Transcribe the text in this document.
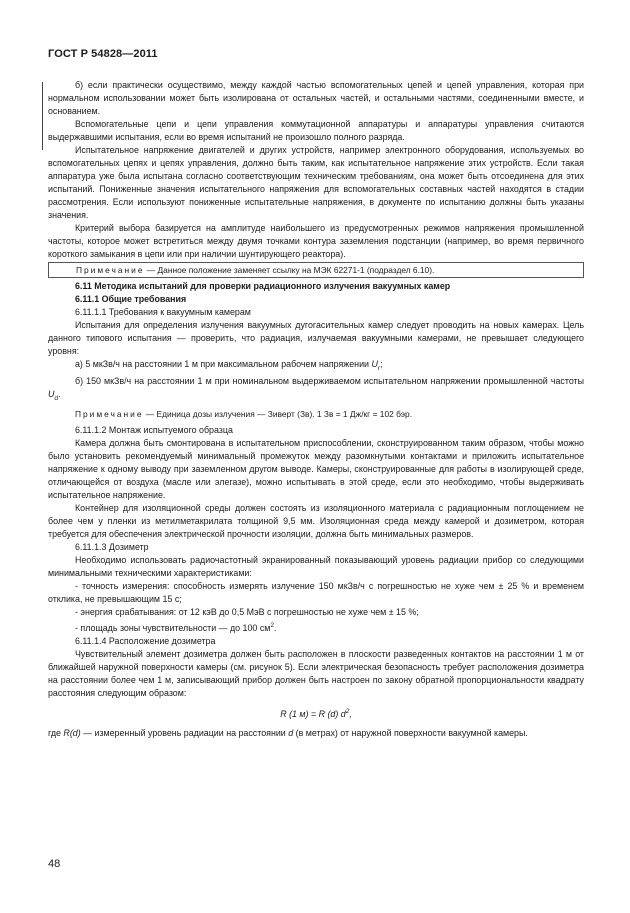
ГОСТ Р 54828—2011

б) если практически осуществимо, между каждой частью вспомогательных цепей и цепей управления, которая при нормальном использовании может быть изолирована от остальных частей, и остальными частями, соединенными вместе, и основанием.

Вспомогательные цепи и цепи управления коммутационной аппаратуры и аппаратуры управления считаются выдержавшими испытания, если во время испытаний не произошло полного разряда.

Испытательное напряжение двигателей и других устройств, например электронного оборудования, используемых во вспомогательных цепях и цепях управления, должно быть таким, как испытательное напряжение этих устройств. Если такая аппаратура уже была испытана согласно соответствующим техническим требованиям, она может быть отсоединена для этих испытаний. Пониженные значения испытательного напряжения для вспомогательных составных частей находятся в стадии рассмотрения. Если используют пониженные испытательные напряжения, в документе по испытанию должны быть указаны значения.

Критерий выбора базируется на амплитуде наибольшего из предусмотренных режимов напряжения промышленной частоты, которое может встретиться между двумя точками контура заземления подстанции (например, во время первичного короткого замыкания в цепи или при наличии шунтирующего реактора).

Примечание — Данное положение заменяет ссылку на МЭК 62271-1 (подраздел 6.10).

6.11 Методика испытаний для проверки радиационного излучения вакуумных камер

6.11.1 Общие требования

6.11.1.1 Требования к вакуумным камерам

Испытания для определения излучения вакуумных дугогасительных камер следует проводить на новых камерах. Цель данного типового испытания — проверить, что радиация, излучаемая вакуумными камерами, не превышает следующего уровня:

а) 5 мкЗв/ч на расстоянии 1 м при максимальном рабочем напряжении $U_r$;

б) 150 мкЗв/ч на расстоянии 1 м при номинальном выдерживаемом испытательном напряжении промышленной частоты $U_d$.

Примечание — Единица дозы излучения — Зиверт (Зв). 1 Зв = 1 Дж/кг = 102 бэр.

6.11.1.2 Монтаж испытуемого образца

Камера должна быть смонтирована в испытательном приспособлении, сконструированном таким образом, чтобы можно было установить рекомендуемый минимальный промежуток между разомкнутыми контактами и приложить испытательное напряжение к одному выводу при заземленном другом выводе. Камеры, сконструированные для работы в изолирующей среде, отличающейся от воздуха (масле или элегазе), можно испытывать в этой среде, если это необходимо, чтобы выдерживать испытательное напряжение.

Контейнер для изоляционной среды должен состоять из изоляционного материала с радиационным поглощением не более чем у пленки из метилметакрилата толщиной 9,5 мм. Изоляционная среда между камерой и дозиметром, которая требуется для обеспечения электрической прочности изоляции, должна быть минимальных размеров.

6.11.1.3 Дозиметр

Необходимо использовать радиочастотный экранированный показывающий уровень радиации прибор со следующими минимальными техническими характеристиками:

- точность измерения: способность измерять излучение 150 мкЗв/ч с погрешностью не хуже чем ± 25 % и временем отклика, не превышающим 15 с;

- энергия срабатывания: от 12 кэВ до 0,5 МэВ с погрешностью не хуже чем ± 15 %;

- площадь зоны чувствительности — до 100 $см^2$.

6.11.1.4 Расположение дозиметра

Чувствительный элемент дозиметра должен быть расположен в плоскости разведенных контактов на расстоянии 1 м от ближайшей наружной поверхности камеры (см. рисунок 5). Если электрическая безопасность требует расположения дозиметра на расстоянии более чем 1 м, записывающий прибор должен быть настроен по закону обратной пропорциональности квадрату расстояния следующим образом:

R (1 м) = R (d) $d^2$,

где R(d) — измеренный уровень радиации на расстоянии d (в метрах) от наружной поверхности вакуумной камеры.

48
